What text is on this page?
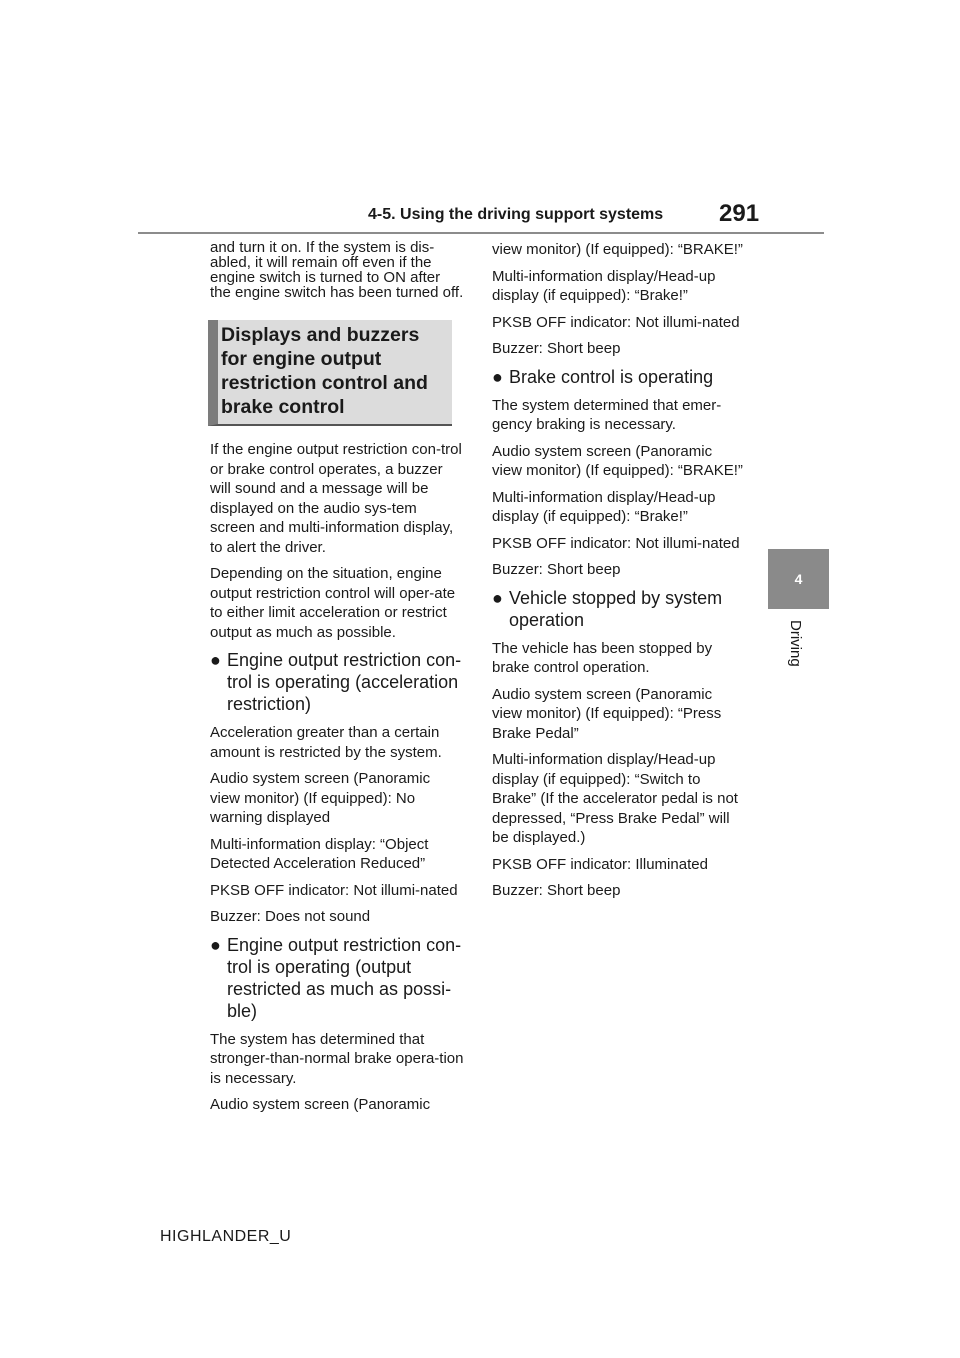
4-5. Using the driving support systems 291
4
Driving

and turn it on. If the system is dis-abled, it will remain off even if the engine switch is turned to ON after the engine switch has been turned off.

Displays and buzzers for engine output restriction control and brake control

If the engine output restriction con-trol or brake control operates, a buzzer will sound and a message will be displayed on the audio sys-tem screen and multi-information display, to alert the driver.

Depending on the situation, engine output restriction control will oper-ate to either limit acceleration or restrict output as much as possible.

● Engine output restriction con-trol is operating (acceleration restriction)

Acceleration greater than a certain amount is restricted by the system.

Audio system screen (Panoramic view monitor) (If equipped): No warning displayed

Multi-information display: “Object Detected Acceleration Reduced”

PKSB OFF indicator: Not illumi-nated

Buzzer: Does not sound

● Engine output restriction con-trol is operating (output restricted as much as possi-ble)

The system has determined that stronger-than-normal brake opera-tion is necessary.

Audio system screen (Panoramic

view monitor) (If equipped): “BRAKE!”

Multi-information display/Head-up display (if equipped): “Brake!”

PKSB OFF indicator: Not illumi-nated

Buzzer: Short beep

● Brake control is operating

The system determined that emer-gency braking is necessary.

Audio system screen (Panoramic view monitor) (If equipped): “BRAKE!”

Multi-information display/Head-up display (if equipped): “Brake!”

PKSB OFF indicator: Not illumi-nated

Buzzer: Short beep

● Vehicle stopped by system operation

The vehicle has been stopped by brake control operation.

Audio system screen (Panoramic view monitor) (If equipped): “Press Brake Pedal”

Multi-information display/Head-up display (if equipped): “Switch to Brake” (If the accelerator pedal is not depressed, “Press Brake Pedal” will be displayed.)

PKSB OFF indicator: Illuminated

Buzzer: Short beep

HIGHLANDER_U
